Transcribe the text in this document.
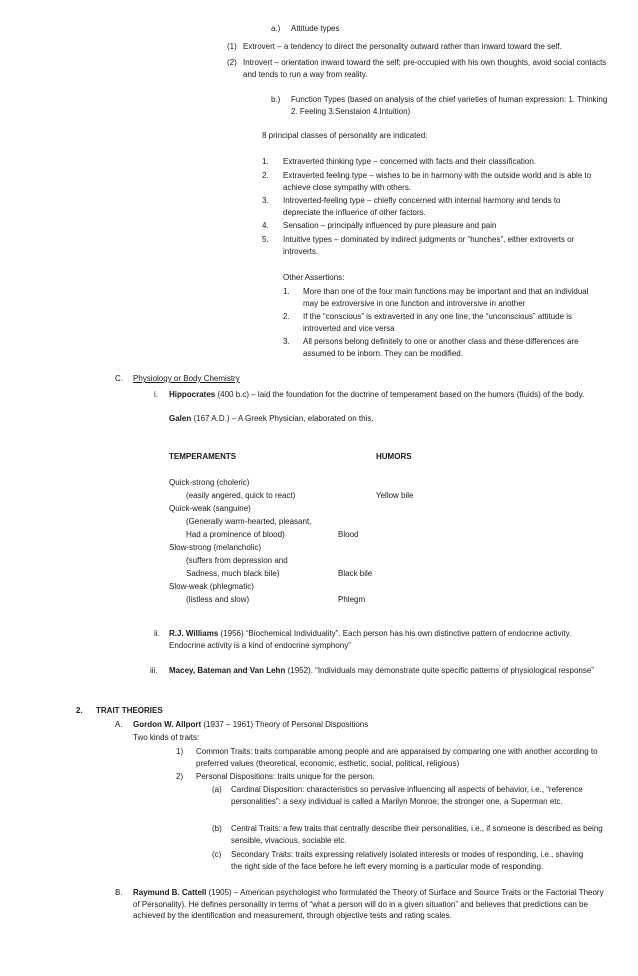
a.) Attitude types
(1) Extrovert – a tendency to direct the personality outward rather than inward toward the self.
(2) Introvert – orientation inward toward the self; pre-occupied with his own thoughts, avoid social contacts and tends to run a way from reality.
b.) Function Types (based on analysis of the chief varieties of human expression: 1. Thinking 2. Feeling 3.Senstaion 4.Intuition)
8 principal classes of personality are indicated:
1. Extraverted thinking type – concerned with facts and their classification.
2. Extraverted feeling type – wishes to be in harmony with the outside world and is able to achieve close sympathy with others.
3. Introverted-feeling type – chiefly concerned with internal harmony and tends to depreciate the influence of other factors.
4. Sensation – principally influenced by pure pleasure and pain
5. Intuitive types – dominated by indirect judgments or “hunches”, either extroverts or introverts.
Other Assertions:
1. More than one of the four main functions may be important and that an individual may be extroversive in one function and introversive in another
2. If the “conscious” is extraverted in any one line, the “unconscious” attitude is introverted and vice versa
3. All persons belong definitely to one or another class and these differences are assumed to be inborn. They can be modified.
C. Physiology or Body Chemistry
i. Hippocrates (400 b.c) – laid the foundation for the doctrine of temperament based on the humors (fluids) of the body.
Galen (167 A.D.) – A Greek Physician, elaborated on this.
TEMPERAMENTS	HUMORS
Quick-strong (choleric)
(easily angered, quick to react)	Yellow bile
Quick-weak (sanguine)
(Generally warm-hearted, pleasant,
Had a prominence of blood)	Blood
Slow-strong (melancholic)
(suffers from depression and
Sadness, much black bile)	Black bile
Slow-weak (phlegmatic)
(listless and slow)	Phlegm
ii. R.J. Williams (1956) “Biochemical Individuality”. Each person has his own distinctive pattern of endocrine activity. Endocrine activity is a kind of endocrine symphony”
iii. Macey, Bateman and Van Lehn (1952). “Individuals may demonstrate quite specific patterns of physiological response”
2. TRAIT THEORIES
A. Gordon W. Allport (1937 – 1961) Theory of Personal Dispositions
Two kinds of traits:
1) Common Traits: traits comparable among people and are apparaised by comparing one with another according to preferred values (theoretical, economic, esthetic, social, political, religious)
2) Personal Dispositions: traits unique for the person.
(a) Cardinal Disposition: characteristics so pervasive influencing all aspects of behavior, i.e., “reference personalities”: a sexy individual is called a Marilyn Monroe; the stronger one, a Superman etc.
(b) Central Traits: a few traits that centrally describe their personalities, i.e., if someone is described as being sensible, vivacious, sociable etc.
(c) Secondary Traits: traits expressing relatively isolated interests or modes of responding, i.e., shaving the right side of the face before he left every morning is a particular mode of responding.
B. Raymund B. Cattell (1905) – American psychologist who formulated the Theory of Surface and Source Traits or the Factorial Theory of Personality). He defines personality in terms of “what a person will do in a given situation” and believes that predictions can be achieved by the identification and measurement, through objective tests and rating scales.
